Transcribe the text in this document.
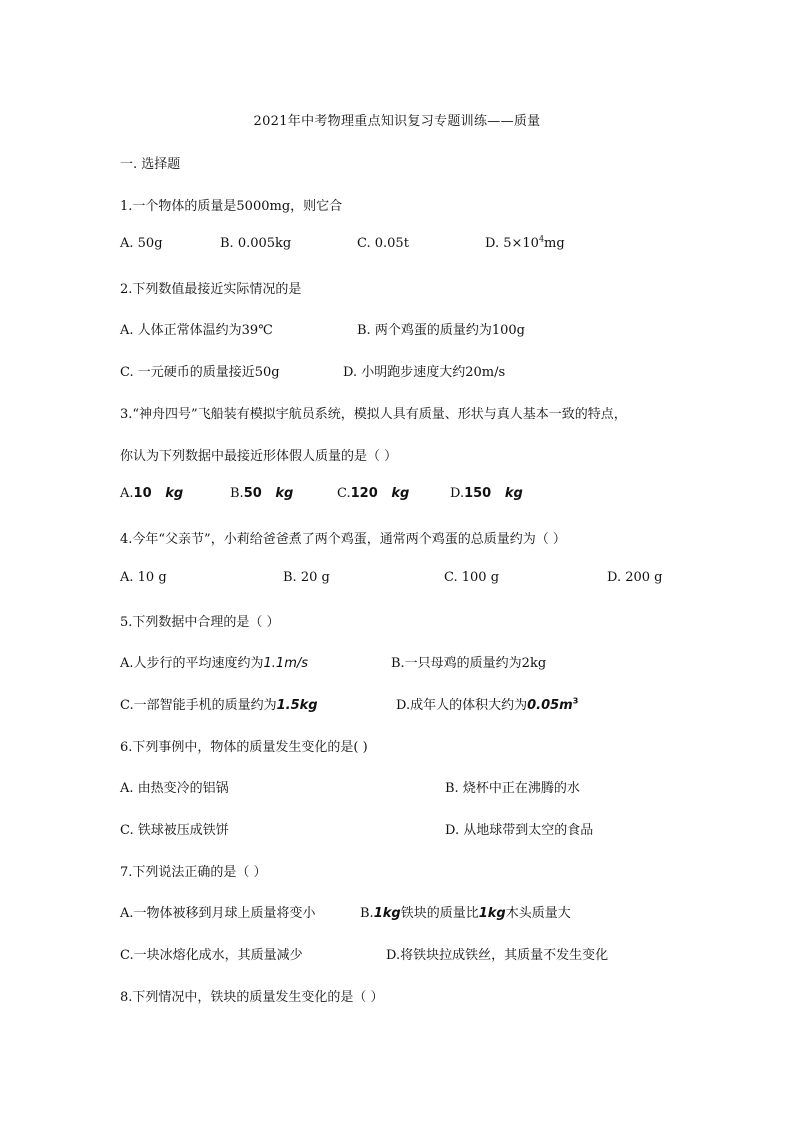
2021年中考物理重点知识复习专题训练——质量
一. 选择题
1.一个物体的质量是5000mg，则它合
A. 50g	B. 0.005kg	C. 0.05t	D. $5\times 10^4mg$
2.下列数值最接近实际情况的是
A. 人体正常体温约为39℃	B. 两个鸡蛋的质量约为100g
C. 一元硬币的质量接近50g	D. 小明跑步速度大约20m/s
3.“神舟四号”飞船装有模拟宇航员系统，模拟人具有质量、形状与真人基本一致的特点，
你认为下列数据中最接近形体假人质量的是（ ）
A.10 kg	B.50 kg	C.120 kg	D.150 kg
4.今年“父亲节”，小莉给爸爸煮了两个鸡蛋，通常两个鸡蛋的总质量约为（ ）
A. 10 g	B. 20 g	C. 100 g	D. 200 g
5.下列数据中合理的是（ ）
A.人步行的平均速度约为1.1m/s	B.一只母鸡的质量约为2kg
C.一部智能手机的质量约为1.5kg	D.成年人的体积大约为$0.05m^3$
6.下列事例中，物体的质量发生变化的是( )
A. 由热变冷的铝锅	B. 烧杯中正在沸腾的水
C. 铁球被压成铁饼	D. 从地球带到太空的食品
7.下列说法正确的是（ ）
A.一物体被移到月球上质量将变小	B.1kg铁块的质量比1kg木头质量大
C.一块冰熔化成水，其质量减少	D.将铁块拉成铁丝，其质量不发生变化
8.下列情况中，铁块的质量发生变化的是（ ）
